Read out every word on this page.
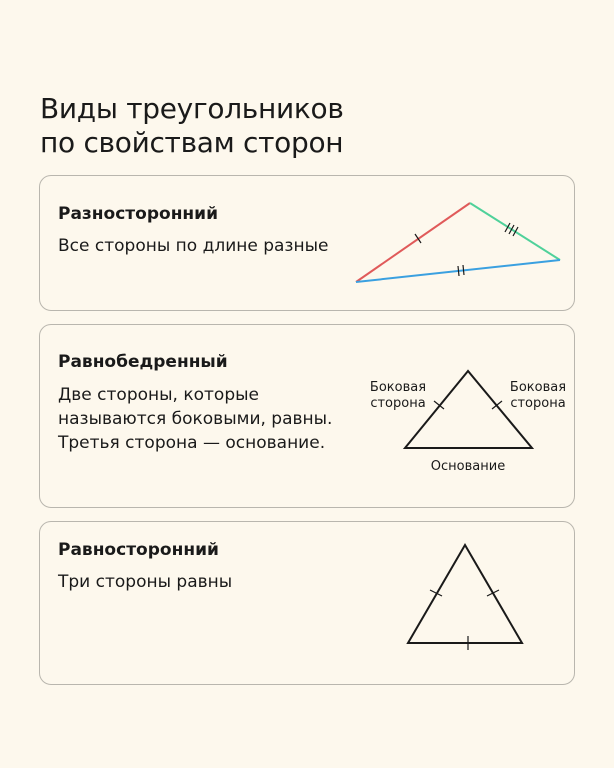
Виды треугольников
по свойствам сторон
Разносторонний

Все стороны по длине разные

Равнобедренный

Две стороны, которые
называются боковыми, равны.
Третья сторона — основание.

Боковая
сторона
Боковая
сторона
Основание
Равносторонний

Три стороны равны
